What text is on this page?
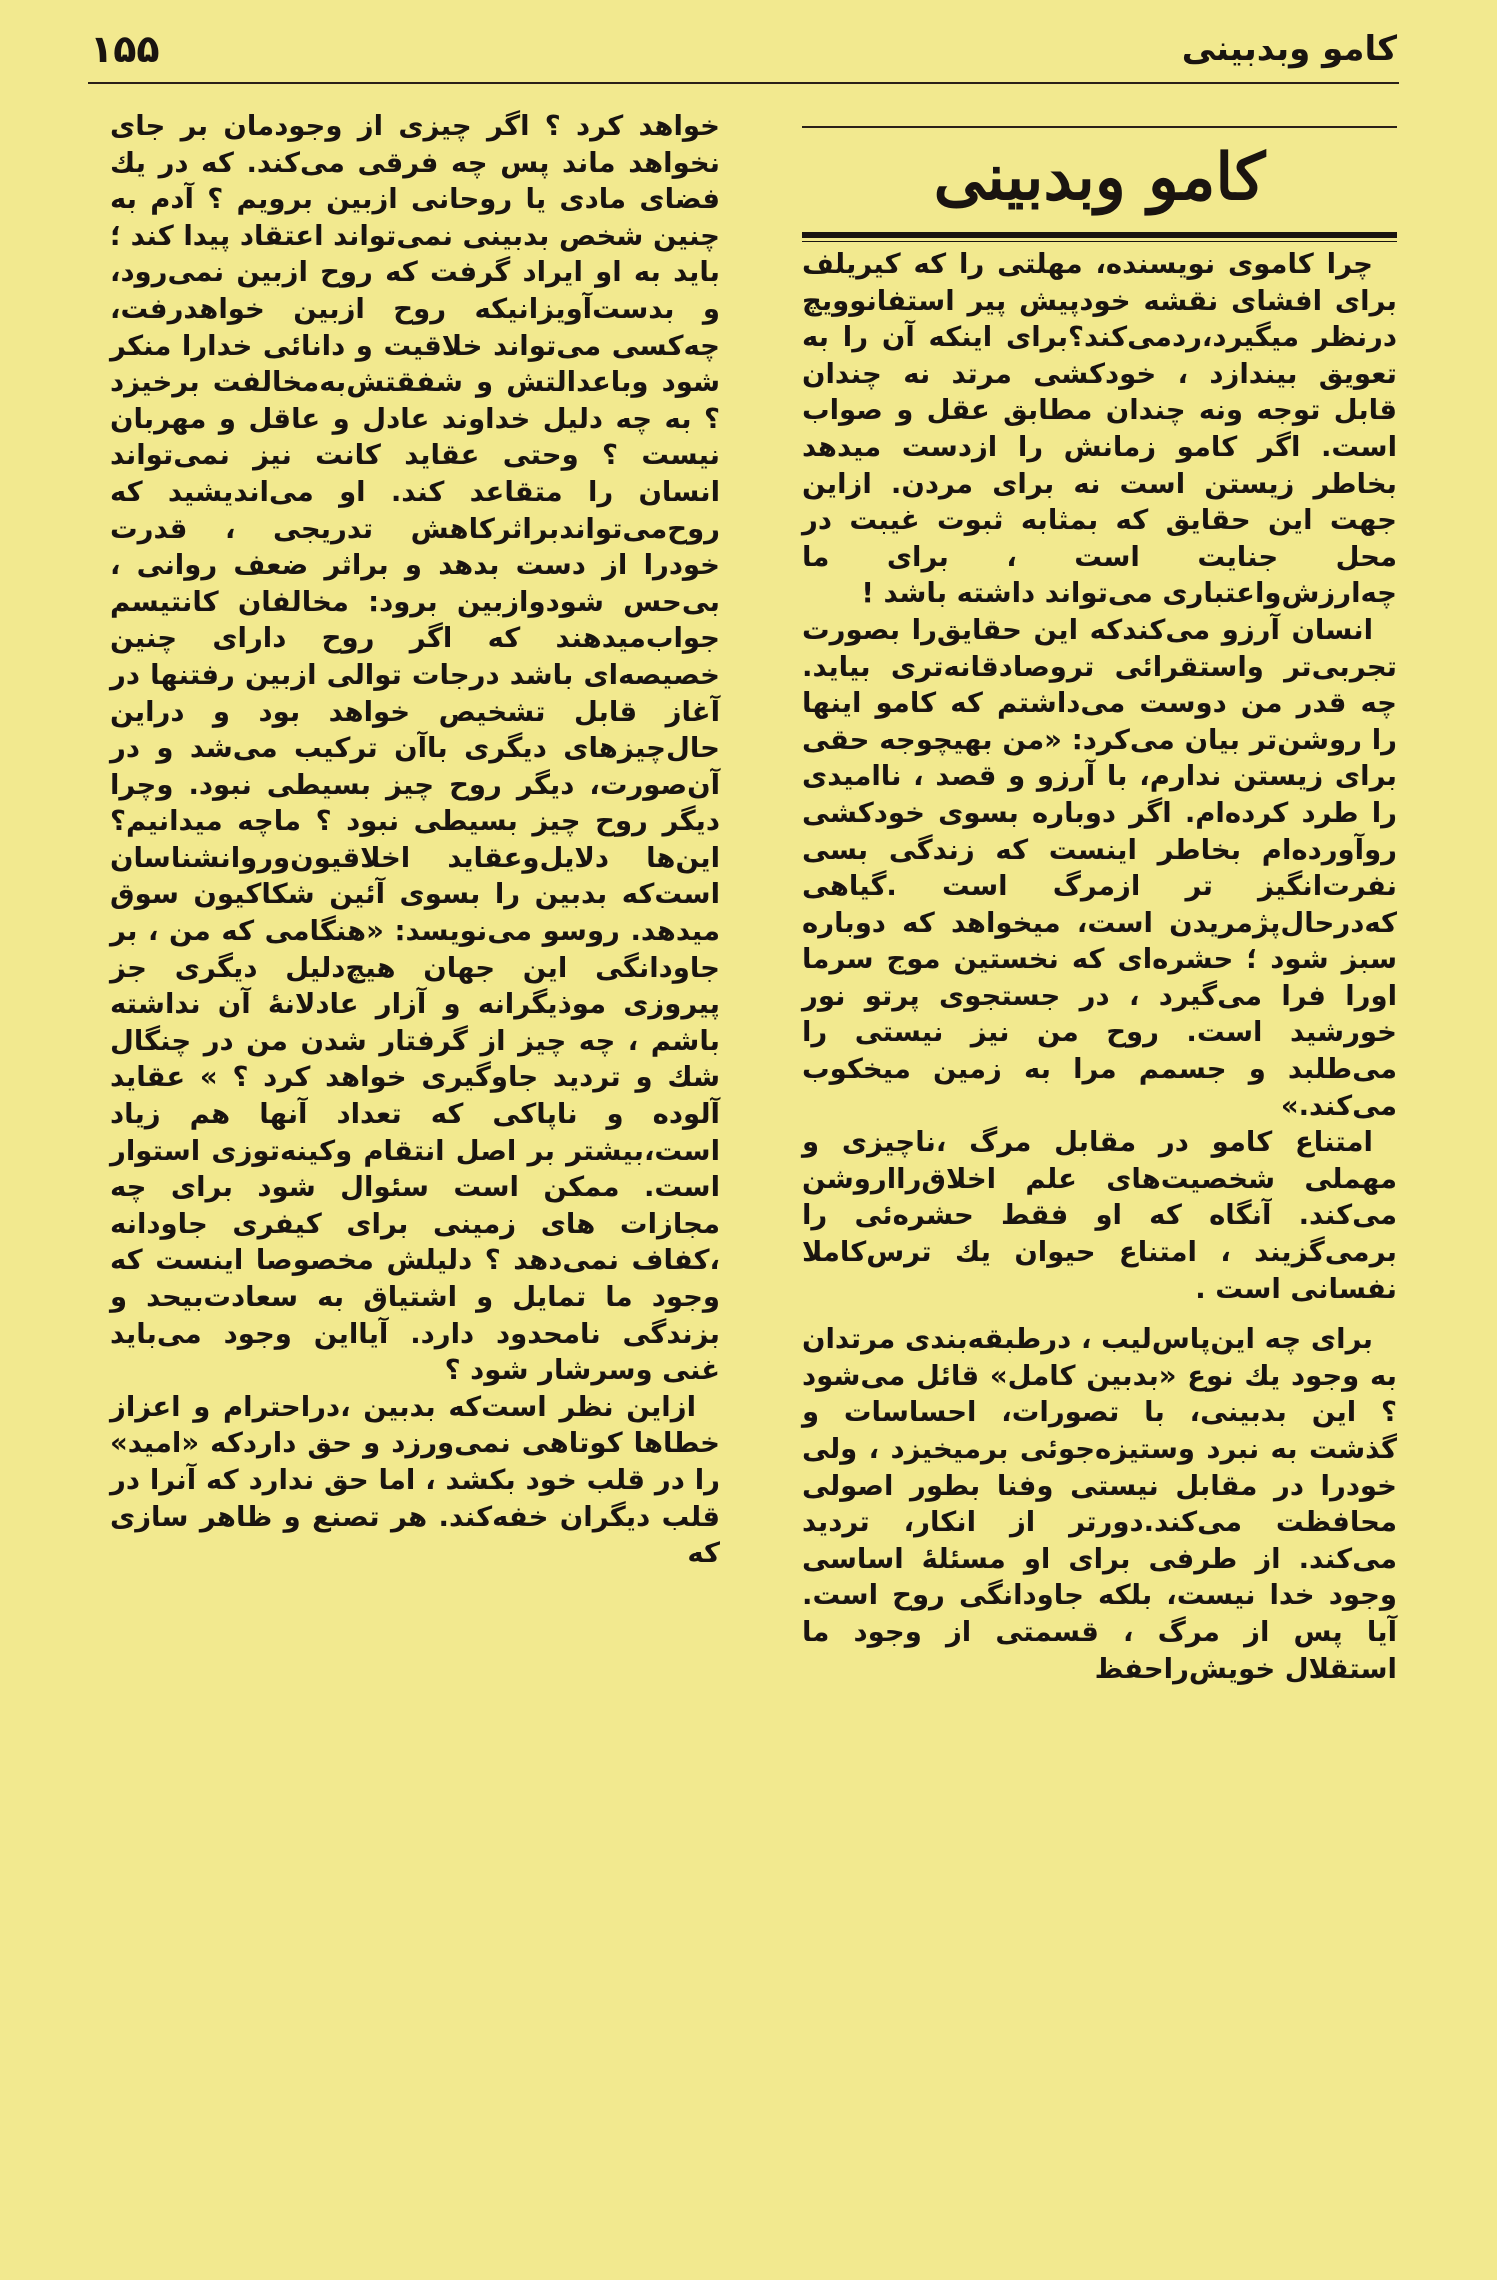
کامو وبدبینی
۱۵۵
کامو وبدبینی

چرا کاموی نویسنده، مهلتی را که کیریلف برای افشای نقشه خودپیش پیر استفانوویچ درنظر میگیرد،ردمی‌کند؟برای اینکه آن را به تعویق بیندازد ، خودکشی مرتد نه چندان قابل توجه ونه چندان مطابق عقل و صواب است. اگر کامو زمانش را ازدست میدهد بخاطر زیستن است نه برای مردن. ازاین جهت این حقایق که بمثابه ثبوت غیبت در محل جنایت است ، برای ما چه‌ارزش‌واعتباری می‌تواند داشته باشد !

انسان آرزو می‌کندکه این حقایق‌را بصورت تجربی‌تر واستقرائی تروصادقانه‌تری بیاید. چه قدر من دوست می‌داشتم که کامو اینها را روشن‌تر بیان می‌کرد: «من بهیچوجه حقی برای زیستن ندارم، با آرزو و قصد ، ناامیدی را طرد کرده‌ام. اگر دوباره بسوی خودکشی روآورده‌ام بخاطر اینست که زندگی بسی نفرت‌انگیز تر ازمرگ است .گیاهی که‌درحال‌پژمریدن است، میخواهد که دوباره سبز شود ؛ حشره‌ای که نخستین موج سرما اورا فرا می‌گیرد ، در جستجوی پرتو نور خورشید است. روح من نیز نیستی را می‌طلبد و جسمم مرا به زمین میخکوب می‌کند.»

امتناع کامو در مقابل مرگ ،ناچیزی و مهملی شخصیت‌های علم اخلاق‌رااروشن می‌کند. آنگاه که او فقط حشره‌ئی را برمی‌گزیند ، امتناع حیوان یك ترس‌کاملا نفسانی است .

برای چه این‌پاس‌لیب ، درطبقه‌بندی مرتدان به وجود یك نوع «بدبین کامل» قائل می‌شود ؟ این بدبینی، با تصورات، احساسات و گذشت به نبرد وستیزه‌جوئی برمیخیزد ، ولی خودرا در مقابل نیستی وفنا بطور اصولی محافظت می‌کند.دورتر از انکار، تردید می‌کند. از طرفی برای او مسئلهٔ اساسی وجود خدا نیست، بلکه جاودانگی روح است. آیا پس از مرگ ، قسمتی از وجود ما استقلال خویش‌راحفظ

خواهد کرد ؟ اگر چیزی از وجودمان بر جای نخواهد ماند پس چه فرقی می‌کند. که در یك فضای مادی یا روحانی ازبین برویم ؟ آدم به چنین شخص بدبینی نمی‌تواند اعتقاد پیدا کند ؛ باید به او ایراد گرفت که روح ازبین نمی‌رود، و بدست‌آویزانیکه روح ازبین خواهدرفت، چه‌کسی می‌تواند خلاقیت و دانائی خدارا منکر شود وباعدالتش و شفقتش‌به‌مخالفت برخیزد ؟ به چه دلیل خداوند عادل و عاقل و مهربان نیست ؟ وحتی عقاید کانت نیز نمی‌تواند انسان را متقاعد کند. او می‌اندیشید که روح‌می‌تواندبراثرکاهش تدریجی ، قدرت خودرا از دست بدهد و براثر ضعف روانی ، بی‌حس شودوازبین برود: مخالفان کانتیسم جواب‌میدهند که اگر روح دارای چنین خصیصه‌ای باشد درجات توالی ازبین رفتنها در آغاز قابل تشخیص خواهد بود و دراین حال‌چیزهای دیگری باآن ترکیب می‌شد و در آن‌صورت، دیگر روح چیز بسیطی نبود. وچرا دیگر روح چیز بسیطی نبود ؟ ماچه میدانیم؟ این‌ها دلایل‌وعقاید اخلاقیون‌وروانشناسان است‌که بدبین را بسوی آئین شکاکیون سوق میدهد. روسو می‌نویسد: «هنگامی که من ، بر جاودانگی این جهان هیچ‌دلیل دیگری جز پیروزی موذیگرانه و آزار عادلانهٔ آن نداشته باشم ، چه چیز از گرفتار شدن من در چنگال شك و تردید جاوگیری خواهد کرد ؟ » عقاید آلوده و ناپاکی که تعداد آنها هم زیاد است،بیشتر بر اصل انتقام وکینه‌توزی استوار است. ممکن است سئوال شود برای چه مجازات های زمینی برای کیفری جاودانه ،کفاف نمی‌دهد ؟ دلیلش مخصوصا اینست که وجود ما تمایل و اشتیاق به سعادت‌بیحد و بزندگی نامحدود دارد. آیااین وجود می‌باید غنی وسرشار شود ؟

ازاین نظر است‌که بدبین ،دراحترام و اعزاز خطاها کوتاهی نمی‌ورزد و حق داردکه «امید» را در قلب خود بکشد ، اما حق ندارد که آنرا در قلب دیگران خفه‌کند. هر تصنع و ظاهر سازی که
